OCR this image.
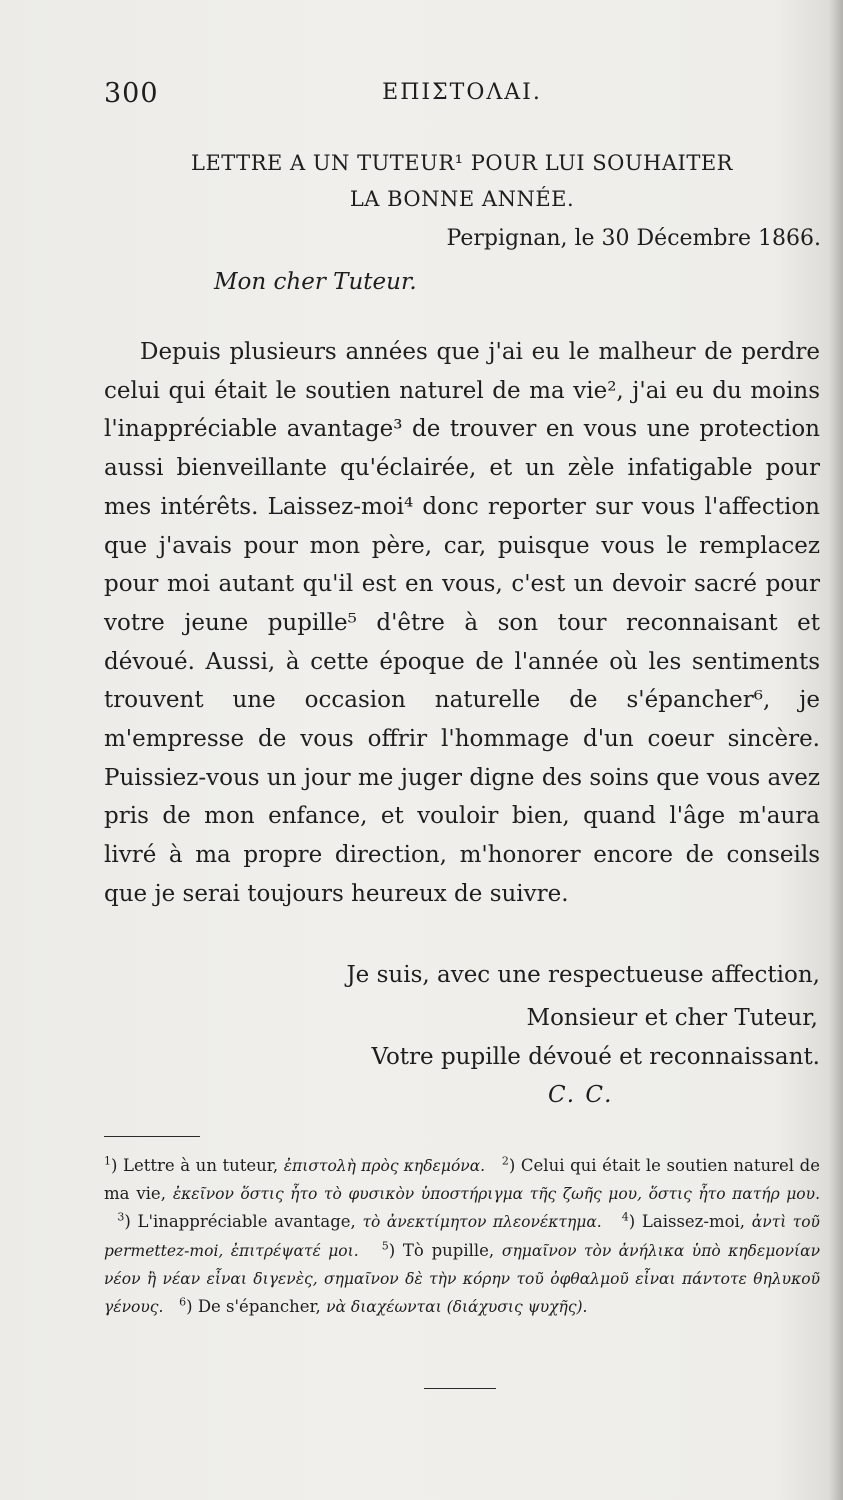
300	ΕΠΙΣΤΟΛΑΙ.
LETTRE A UN TUTEUR¹ POUR LUI SOUHAITER
LA BONNE ANNÉE.
Perpignan, le 30 Décembre 1866.
Mon cher Tuteur.

Depuis plusieurs années que j'ai eu le malheur de perdre celui qui était le soutien naturel de ma vie², j'ai eu du moins l'inappréciable avantage³ de trouver en vous une protection aussi bienveillante qu'éclairée, et un zèle infatigable pour mes intérêts. Laissez-moi⁴ donc reporter sur vous l'affection que j'avais pour mon père, car, puisque vous le remplacez pour moi autant qu'il est en vous, c'est un devoir sacré pour votre jeune pupille⁵ d'être à son tour reconnaisant et dévoué. Aussi, à cette époque de l'année où les sentiments trouvent une occasion naturelle de s'épancher⁶, je m'empresse de vous offrir l'hommage d'un coeur sincère. Puissiez-vous un jour me juger digne des soins que vous avez pris de mon enfance, et vouloir bien, quand l'âge m'aura livré à ma propre direction, m'honorer encore de conseils que je serai toujours heureux de suivre.

Je suis, avec une respectueuse affection,
Monsieur et cher Tuteur,
Votre pupille dévoué et reconnaissant.
C. C.
$^1$) Lettre à un tuteur, ἐπιστολὴ πρὸς κηδεμόνα. $^2$) Celui qui était le soutien naturel de ma vie, ἐκεῖνον ὅστις ἦτο τὸ φυσικὸν ὑποστήριγμα τῆς ζωῆς μου, ὅστις ἦτο πατήρ μου.   $^3$) L'inappréciable avantage, τὸ ἀνεκτίμητον πλεονέκτημα. $^4$) Laissez-moi, ἀντὶ τοῦ permettez-moi, ἐπιτρέψατέ μοι. $^5$) Tὸ pupille, σημαῖνον τὸν ἀνήλικα ὑπὸ κηδεμονίαν νέον ἢ νέαν εἶναι διγενὲς, σημαῖνον δὲ τὴν κόρην τοῦ ὀφθαλμοῦ εἶναι πάντοτε θηλυκοῦ γένους. $^6$) De s'épancher, νὰ διαχέωνται (διάχυσις ψυχῆς).
